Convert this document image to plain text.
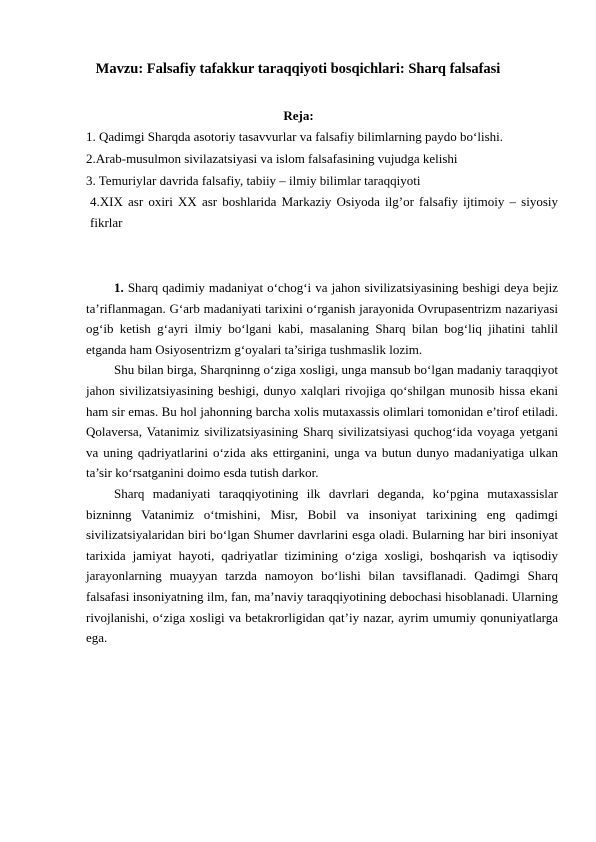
Mavzu: Falsafiy tafakkur taraqqiyoti bosqichlari: Sharq falsafasi
Reja:
1. Qadimgi Sharqda asotoriy tasavvurlar va falsafiy bilimlarning paydo bo‘lishi.
2.Arab-musulmon sivilazatsiyasi va islom falsafasining vujudga kelishi
3. Temuriylar davrida falsafiy, tabiiy – ilmiy bilimlar taraqqiyoti
4.XIX asr oxiri XX asr boshlarida Markaziy Osiyoda ilg’or falsafiy ijtimoiy – siyosiy fikrlar

1. Sharq qadimiy madaniyat o‘chog‘i va jahon sivilizatsiyasining beshigi deya bejiz ta’riflanmagan. G‘arb madaniyati tarixini o‘rganish jarayonida Ovrupasentrizm nazariyasi og‘ib ketish g‘ayri ilmiy bo‘lgani kabi, masalaning Sharq bilan bog‘liq jihatini tahlil etganda ham Osiyosentrizm g‘oyalari ta’siriga tushmaslik lozim.

Shu bilan birga, Sharqninng o‘ziga xosligi, unga mansub bo‘lgan madaniy taraqqiyot jahon sivilizatsiyasining beshigi, dunyo xalqlari rivojiga qo‘shilgan munosib hissa ekani ham sir emas. Bu hol jahonning barcha xolis mutaxassis olimlari tomonidan e’tirof etiladi. Qolaversa, Vatanimiz sivilizatsiyasining Sharq sivilizatsiyasi quchog‘ida voyaga yetgani va uning qadriyatlarini o‘zida aks ettirganini, unga va butun dunyo madaniyatiga ulkan ta’sir ko‘rsatganini doimo esda tutish darkor.

Sharq madaniyati taraqqiyotining ilk davrlari deganda, ko‘pgina mutaxassislar bizninng Vatanimiz o‘tmishini, Misr, Bobil va insoniyat tarixining eng qadimgi sivilizatsiyalaridan biri bo‘lgan Shumer davrlarini esga oladi. Bularning har biri insoniyat tarixida jamiyat hayoti, qadriyatlar tizimining o‘ziga xosligi, boshqarish va iqtisodiy jarayonlarning muayyan tarzda namoyon bo‘lishi bilan tavsiflanadi. Qadimgi Sharq falsafasi insoniyatning ilm, fan, ma’naviy taraqqiyotining debochasi hisoblanadi. Ularning rivojlanishi, o‘ziga xosligi va betakrorligidan qat’iy nazar, ayrim umumiy qonuniyatlarga ega.
